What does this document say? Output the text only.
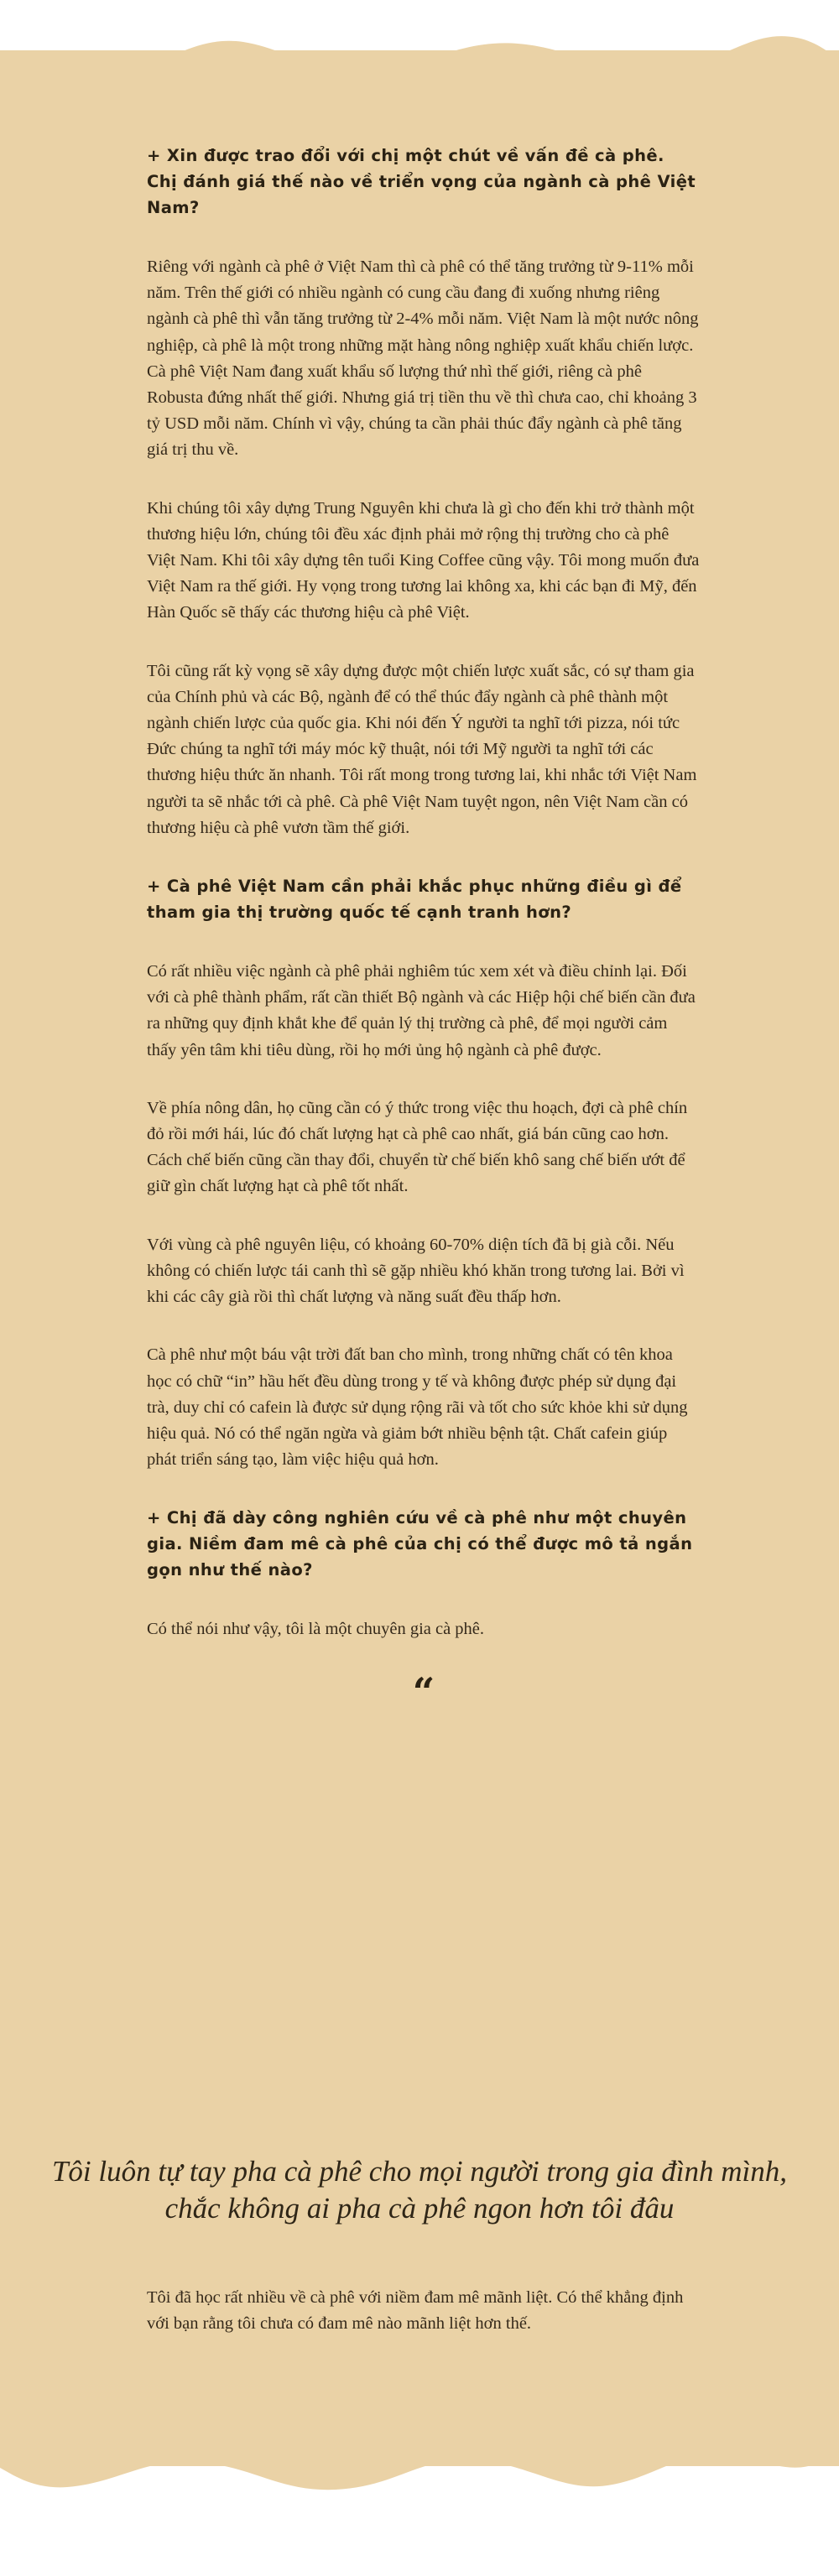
+ Xin được trao đổi với chị một chút về vấn đề cà phê. Chị đánh giá thế nào về triển vọng của ngành cà phê Việt Nam?

Riêng với ngành cà phê ở Việt Nam thì cà phê có thể tăng trưởng từ 9-11% mỗi năm. Trên thế giới có nhiều ngành có cung cầu đang đi xuống nhưng riêng ngành cà phê thì vẫn tăng trưởng từ 2-4% mỗi năm. Việt Nam là một nước nông nghiệp, cà phê là một trong những mặt hàng nông nghiệp xuất khẩu chiến lược. Cà phê Việt Nam đang xuất khẩu số lượng thứ nhì thế giới, riêng cà phê Robusta đứng nhất thế giới. Nhưng giá trị tiền thu về thì chưa cao, chỉ khoảng 3 tỷ USD mỗi năm. Chính vì vậy, chúng ta cần phải thúc đẩy ngành cà phê tăng giá trị thu về.

Khi chúng tôi xây dựng Trung Nguyên khi chưa là gì cho đến khi trở thành một thương hiệu lớn, chúng tôi đều xác định phải mở rộng thị trường cho cà phê Việt Nam. Khi tôi xây dựng tên tuổi King Coffee cũng vậy. Tôi mong muốn đưa Việt Nam ra thế giới. Hy vọng trong tương lai không xa, khi các bạn đi Mỹ, đến Hàn Quốc sẽ thấy các thương hiệu cà phê Việt.

Tôi cũng rất kỳ vọng sẽ xây dựng được một chiến lược xuất sắc, có sự tham gia của Chính phủ và các Bộ, ngành để có thể thúc đẩy ngành cà phê thành một ngành chiến lược của quốc gia. Khi nói đến Ý người ta nghĩ tới pizza, nói tức Đức chúng ta nghĩ tới máy móc kỹ thuật, nói tới Mỹ người ta nghĩ tới các thương hiệu thức ăn nhanh. Tôi rất mong trong tương lai, khi nhắc tới Việt Nam người ta sẽ nhắc tới cà phê. Cà phê Việt Nam tuyệt ngon, nên Việt Nam cần có thương hiệu cà phê vươn tầm thế giới.

+ Cà phê Việt Nam cần phải khắc phục những điều gì để tham gia thị trường quốc tế cạnh tranh hơn?

Có rất nhiều việc ngành cà phê phải nghiêm túc xem xét và điều chỉnh lại. Đối với cà phê thành phẩm, rất cần thiết Bộ ngành và các Hiệp hội chế biến cần đưa ra những quy định khắt khe để quản lý thị trường cà phê, để mọi người cảm thấy yên tâm khi tiêu dùng, rồi họ mới ủng hộ ngành cà phê được.

Về phía nông dân, họ cũng cần có ý thức trong việc thu hoạch, đợi cà phê chín đỏ rồi mới hái, lúc đó chất lượng hạt cà phê cao nhất, giá bán cũng cao hơn. Cách chế biến cũng cần thay đổi, chuyển từ chế biến khô sang chế biến ướt để giữ gìn chất lượng hạt cà phê tốt nhất.

Với vùng cà phê nguyên liệu, có khoảng 60-70% diện tích đã bị già cỗi. Nếu không có chiến lược tái canh thì sẽ gặp nhiều khó khăn trong tương lai. Bởi vì khi các cây già rồi thì chất lượng và năng suất đều thấp hơn.

Cà phê như một báu vật trời đất ban cho mình, trong những chất có tên khoa học có chữ “in” hầu hết đều dùng trong y tế và không được phép sử dụng đại trà, duy chỉ có cafein là được sử dụng rộng rãi và tốt cho sức khỏe khi sử dụng hiệu quả. Nó có thể ngăn ngừa và giảm bớt nhiều bệnh tật. Chất cafein giúp phát triển sáng tạo, làm việc hiệu quả hơn.

+ Chị đã dày công nghiên cứu về cà phê như một chuyên gia. Niềm đam mê cà phê của chị có thể được mô tả ngắn gọn như thế nào?

Có thể nói như vậy, tôi là một chuyên gia cà phê.

“

Tôi luôn tự tay pha cà phê cho mọi người trong gia đình mình, chắc không ai pha cà phê ngon hơn tôi đâu

Tôi đã học rất nhiều về cà phê với niềm đam mê mãnh liệt. Có thể khẳng định với bạn rằng tôi chưa có đam mê nào mãnh liệt hơn thế.
